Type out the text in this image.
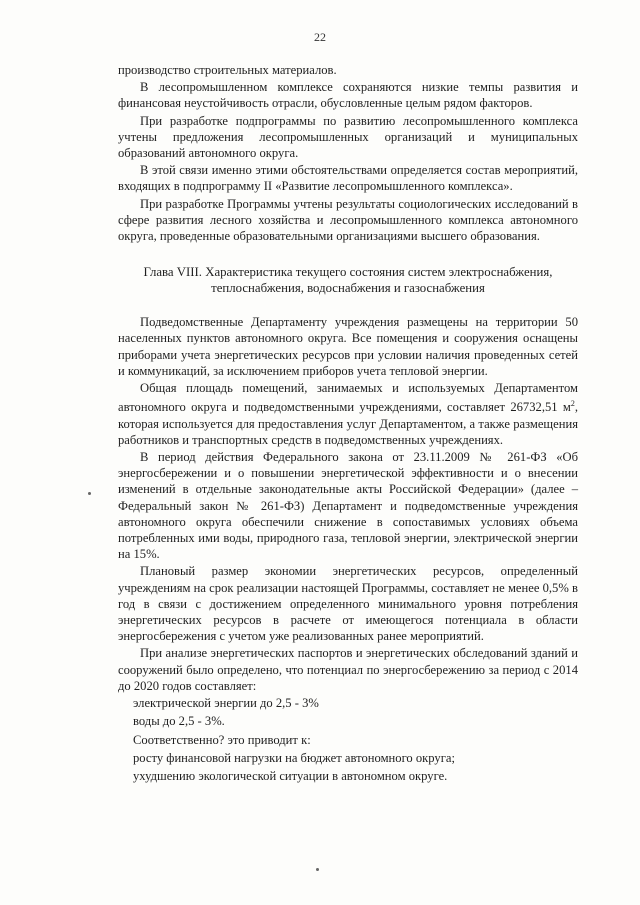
22

производство строительных материалов.

В лесопромышленном комплексе сохраняются низкие темпы развития и финансовая неустойчивость отрасли, обусловленные целым рядом факторов.

При разработке подпрограммы по развитию лесопромышленного комплекса учтены предложения лесопромышленных организаций и муниципальных образований автономного округа.

В этой связи именно этими обстоятельствами определяется состав мероприятий, входящих в подпрограмму II «Развитие лесопромышленного комплекса».

При разработке Программы учтены результаты социологических исследований в сфере развития лесного хозяйства и лесопромышленного комплекса автономного округа, проведенные образовательными организациями высшего образования.

Глава VIII. Характеристика текущего состояния систем электроснабжения,
теплоснабжения, водоснабжения и газоснабжения

Подведомственные Департаменту учреждения размещены на территории 50 населенных пунктов автономного округа. Все помещения и сооружения оснащены приборами учета энергетических ресурсов при условии наличия проведенных сетей и коммуникаций, за исключением приборов учета тепловой энергии.

Общая площадь помещений, занимаемых и используемых Департаментом автономного округа и подведомственными учреждениями, составляет 26732,51 $м^2$, которая используется для предоставления услуг Департаментом, а также размещения работников и транспортных средств в подведомственных учреждениях.

В период действия Федерального закона от 23.11.2009 № 261-ФЗ «Об энергосбережении и о повышении энергетической эффективности и о внесении изменений в отдельные законодательные акты Российской Федерации» (далее – Федеральный закон № 261-ФЗ) Департамент и подведомственные учреждения автономного округа обеспечили снижение в сопоставимых условиях объема потребленных ими воды, природного газа, тепловой энергии, электрической энергии на 15%.

Плановый размер экономии энергетических ресурсов, определенный учреждениям на срок реализации настоящей Программы, составляет не менее 0,5% в год в связи с достижением определенного минимального уровня потребления энергетических ресурсов в расчете от имеющегося потенциала в области энергосбережения с учетом уже реализованных ранее мероприятий.

При анализе энергетических паспортов и энергетических обследований зданий и сооружений было определено, что потенциал по энергосбережению за период с 2014 до 2020 годов составляет:

электрической энергии до 2,5 - 3%

воды до 2,5 - 3%.

Соответственно? это приводит к:

росту финансовой нагрузки на бюджет автономного округа;

ухудшению экологической ситуации в автономном округе.
